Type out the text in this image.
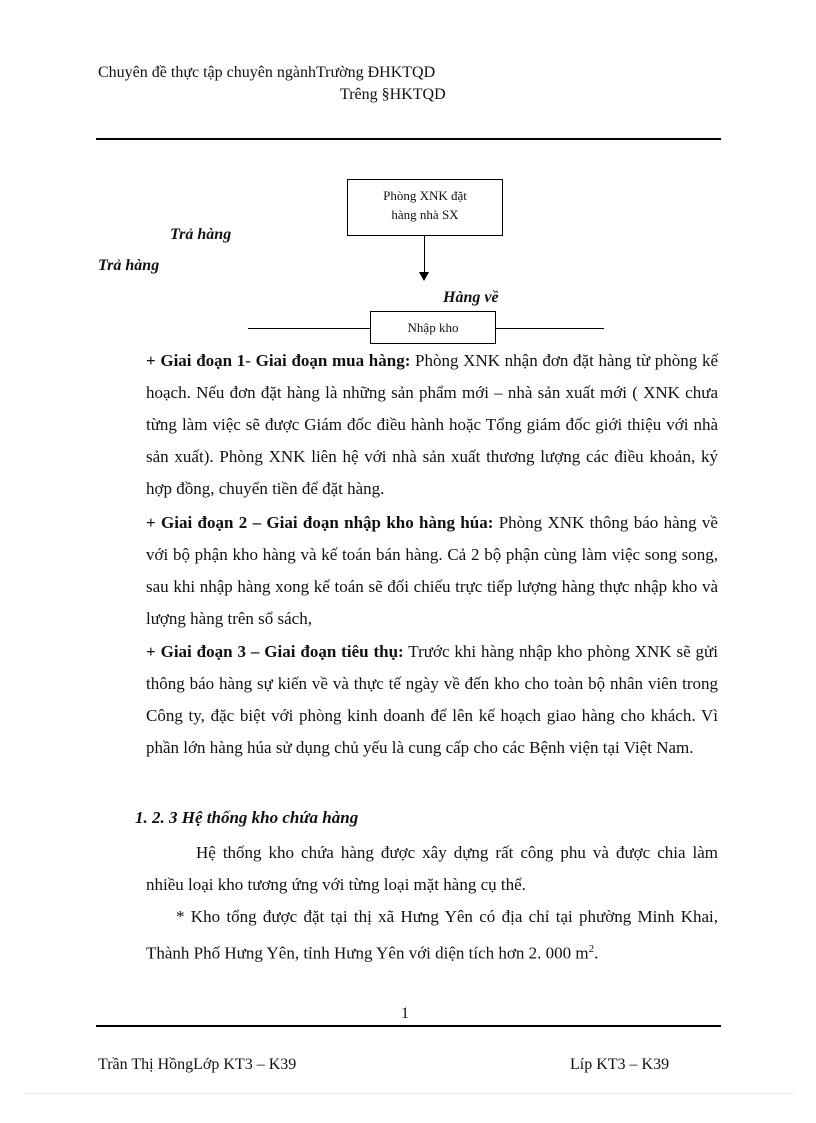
Chuyên đề thực tập chuyên ngànhTrường ĐHKTQD
Trêng §HKTQD
Phòng XNK đặt
hàng nhà SX
Trả hàng
Trả hàng
Hàng về
Nhập kho

+ Giai đoạn 1- Giai đoạn mua hàng: Phòng XNK nhận đơn đặt hàng từ phòng kế hoạch. Nếu đơn đặt hàng là những sản phẩm mới – nhà sản xuất mới ( XNK chưa từng làm việc sẽ được Giám đốc điều hành hoặc Tổng giám đốc giới thiệu với nhà sản xuất). Phòng XNK liên hệ với nhà sản xuất thương lượng các điều khoản, ký hợp đồng, chuyển tiền để đặt hàng.

+ Giai đoạn 2 – Giai đoạn nhập kho hàng húa: Phòng XNK thông báo hàng về với bộ phận kho hàng và kế toán bán hàng. Cả 2 bộ phận cùng làm việc song song, sau khi nhập hàng xong kế toán sẽ đối chiếu trực tiếp lượng hàng thực nhập kho và lượng hàng trên sổ sách,

+ Giai đoạn 3 – Giai đoạn tiêu thụ: Trước khi hàng nhập kho phòng XNK sẽ gửi thông báo hàng sự kiến về và thực tế ngày về đến kho cho toàn bộ nhân viên trong Công ty, đặc biệt với phòng kinh doanh để lên kế hoạch giao hàng cho khách. Vì phần lớn hàng húa sử dụng chủ yếu là cung cấp cho các Bệnh viện tại Việt Nam.

1. 2. 3 Hệ thống kho chứa hàng

Hệ thống kho chứa hàng được xây dựng rất công phu và được chia làm nhiều loại kho tương ứng với từng loại mặt hàng cụ thể.

* Kho tổng được đặt tại thị xã Hưng Yên có địa chỉ tại phường Minh Khai, Thành Phố Hưng Yên, tỉnh Hưng Yên với diện tích hơn 2. 000 $m^2$.

1
Trần Thị HồngLớp KT3 – K39	Líp KT3 – K39
